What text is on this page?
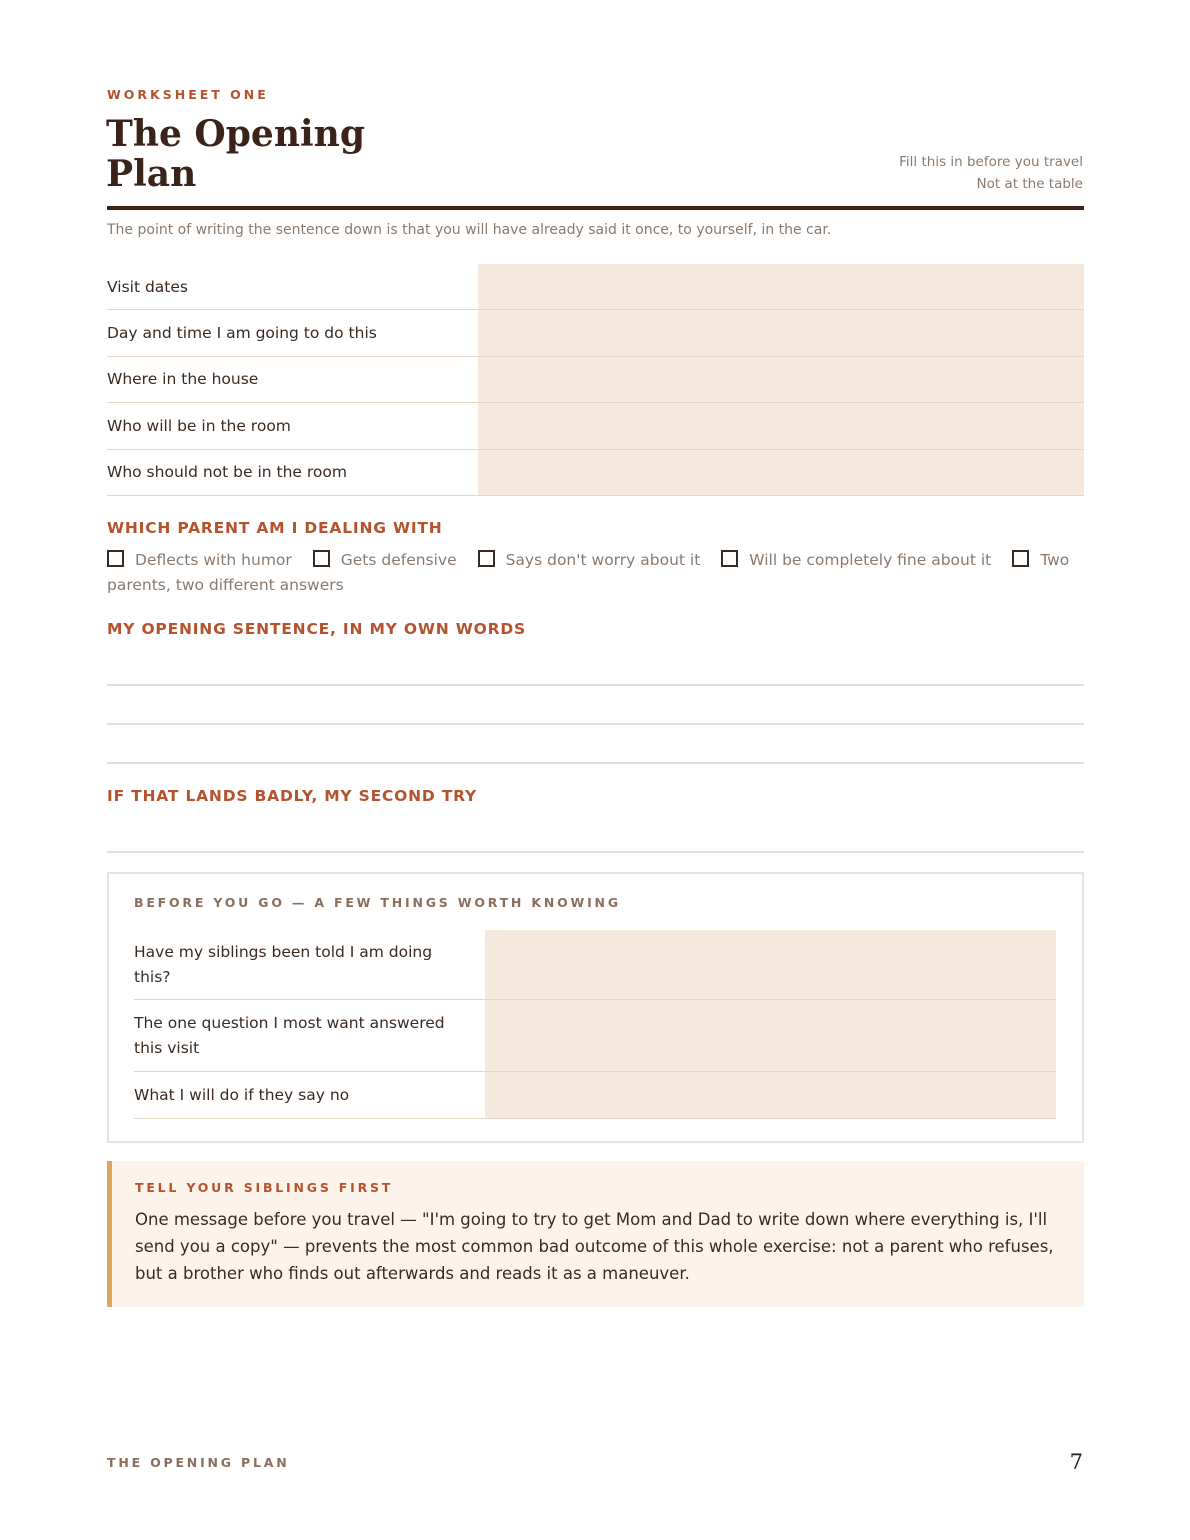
WORKSHEET ONE
The Opening Plan	Fill this in before you travel
Not at the table
The point of writing the sentence down is that you will have already said it once, to yourself, in the car.
Visit dates
Day and time I am going to do this
Where in the house
Who will be in the room
Who should not be in the room
WHICH PARENT AM I DEALING WITH
Deflects with humor	Gets defensive	Says don't worry about it	Will be completely fine about it	Two
parents, two different answers
MY OPENING SENTENCE, IN MY OWN WORDS
IF THAT LANDS BADLY, MY SECOND TRY
BEFORE YOU GO — A FEW THINGS WORTH KNOWING
Have my siblings been told I am doing this?
The one question I most want answered this visit
What I will do if they say no
TELL YOUR SIBLINGS FIRST
One message before you travel — "I'm going to try to get Mom and Dad to write down where everything is, I'll send you a copy" — prevents the most common bad outcome of this whole exercise: not a parent who refuses, but a brother who finds out afterwards and reads it as a maneuver.
THE OPENING PLAN	7
